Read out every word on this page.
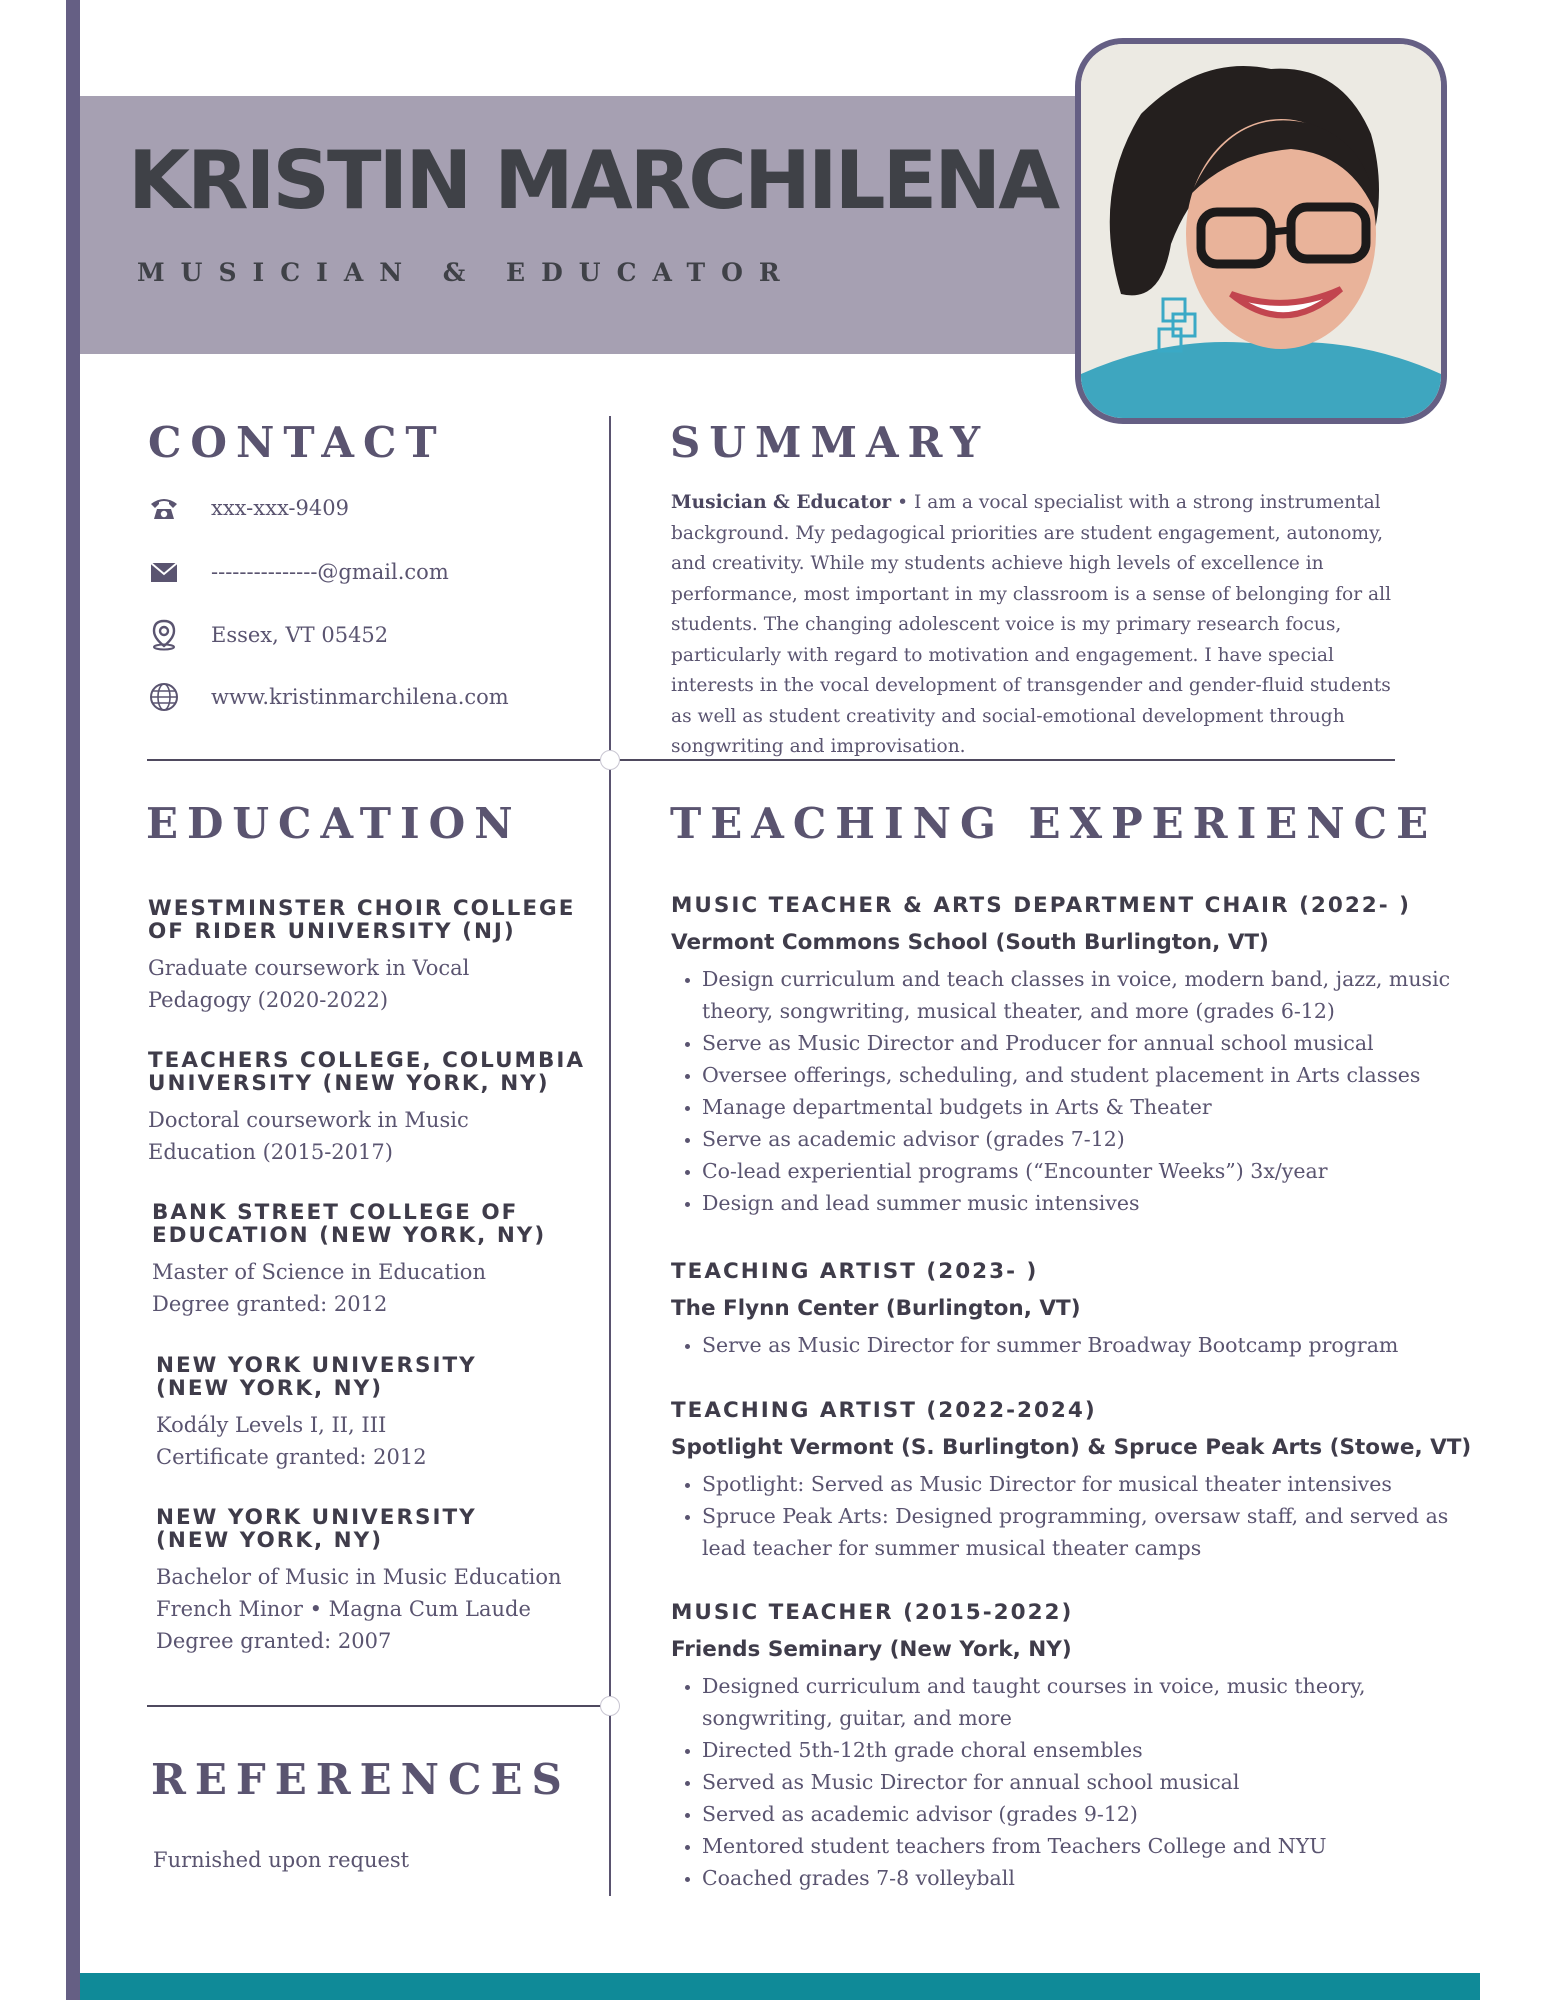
KRISTIN MARCHILENA
MUSICIAN & EDUCATOR
CONTACT
xxx-xxx-9409
---------------@gmail.com
Essex, VT 05452
www.kristinmarchilena.com
SUMMARY
Musician & Educator • I am a vocal specialist with a strong instrumental background. My pedagogical priorities are student engagement, autonomy, and creativity. While my students achieve high levels of excellence in performance, most important in my classroom is a sense of belonging for all students. The changing adolescent voice is my primary research focus, particularly with regard to motivation and engagement. I have special interests in the vocal development of transgender and gender-fluid students as well as student creativity and social-emotional development through songwriting and improvisation.
EDUCATION
WESTMINSTER CHOIR COLLEGE
OF RIDER UNIVERSITY (NJ)
Graduate coursework in Vocal
Pedagogy (2020-2022)
TEACHERS COLLEGE, COLUMBIA
UNIVERSITY (NEW YORK, NY)
Doctoral coursework in Music
Education (2015-2017)
BANK STREET COLLEGE OF
EDUCATION (NEW YORK, NY)
Master of Science in Education
Degree granted: 2012
NEW YORK UNIVERSITY
(NEW YORK, NY)
Kodály Levels I, II, III
Certificate granted: 2012
NEW YORK UNIVERSITY
(NEW YORK, NY)
Bachelor of Music in Music Education
French Minor • Magna Cum Laude
Degree granted: 2007
REFERENCES
Furnished upon request
TEACHING EXPERIENCE
MUSIC TEACHER & ARTS DEPARTMENT CHAIR (2022- )
Vermont Commons School (South Burlington, VT)
• Design curriculum and teach classes in voice, modern band, jazz, music theory, songwriting, musical theater, and more (grades 6-12)
• Serve as Music Director and Producer for annual school musical
• Oversee offerings, scheduling, and student placement in Arts classes
• Manage departmental budgets in Arts & Theater
• Serve as academic advisor (grades 7-12)
• Co-lead experiential programs (“Encounter Weeks”) 3x/year
• Design and lead summer music intensives
TEACHING ARTIST (2023- )
The Flynn Center (Burlington, VT)
• Serve as Music Director for summer Broadway Bootcamp program
TEACHING ARTIST (2022-2024)
Spotlight Vermont (S. Burlington) & Spruce Peak Arts (Stowe, VT)
• Spotlight: Served as Music Director for musical theater intensives
• Spruce Peak Arts: Designed programming, oversaw staff, and served as lead teacher for summer musical theater camps
MUSIC TEACHER (2015-2022)
Friends Seminary (New York, NY)
• Designed curriculum and taught courses in voice, music theory, songwriting, guitar, and more
• Directed 5th-12th grade choral ensembles
• Served as Music Director for annual school musical
• Served as academic advisor (grades 9-12)
• Mentored student teachers from Teachers College and NYU
• Coached grades 7-8 volleyball
